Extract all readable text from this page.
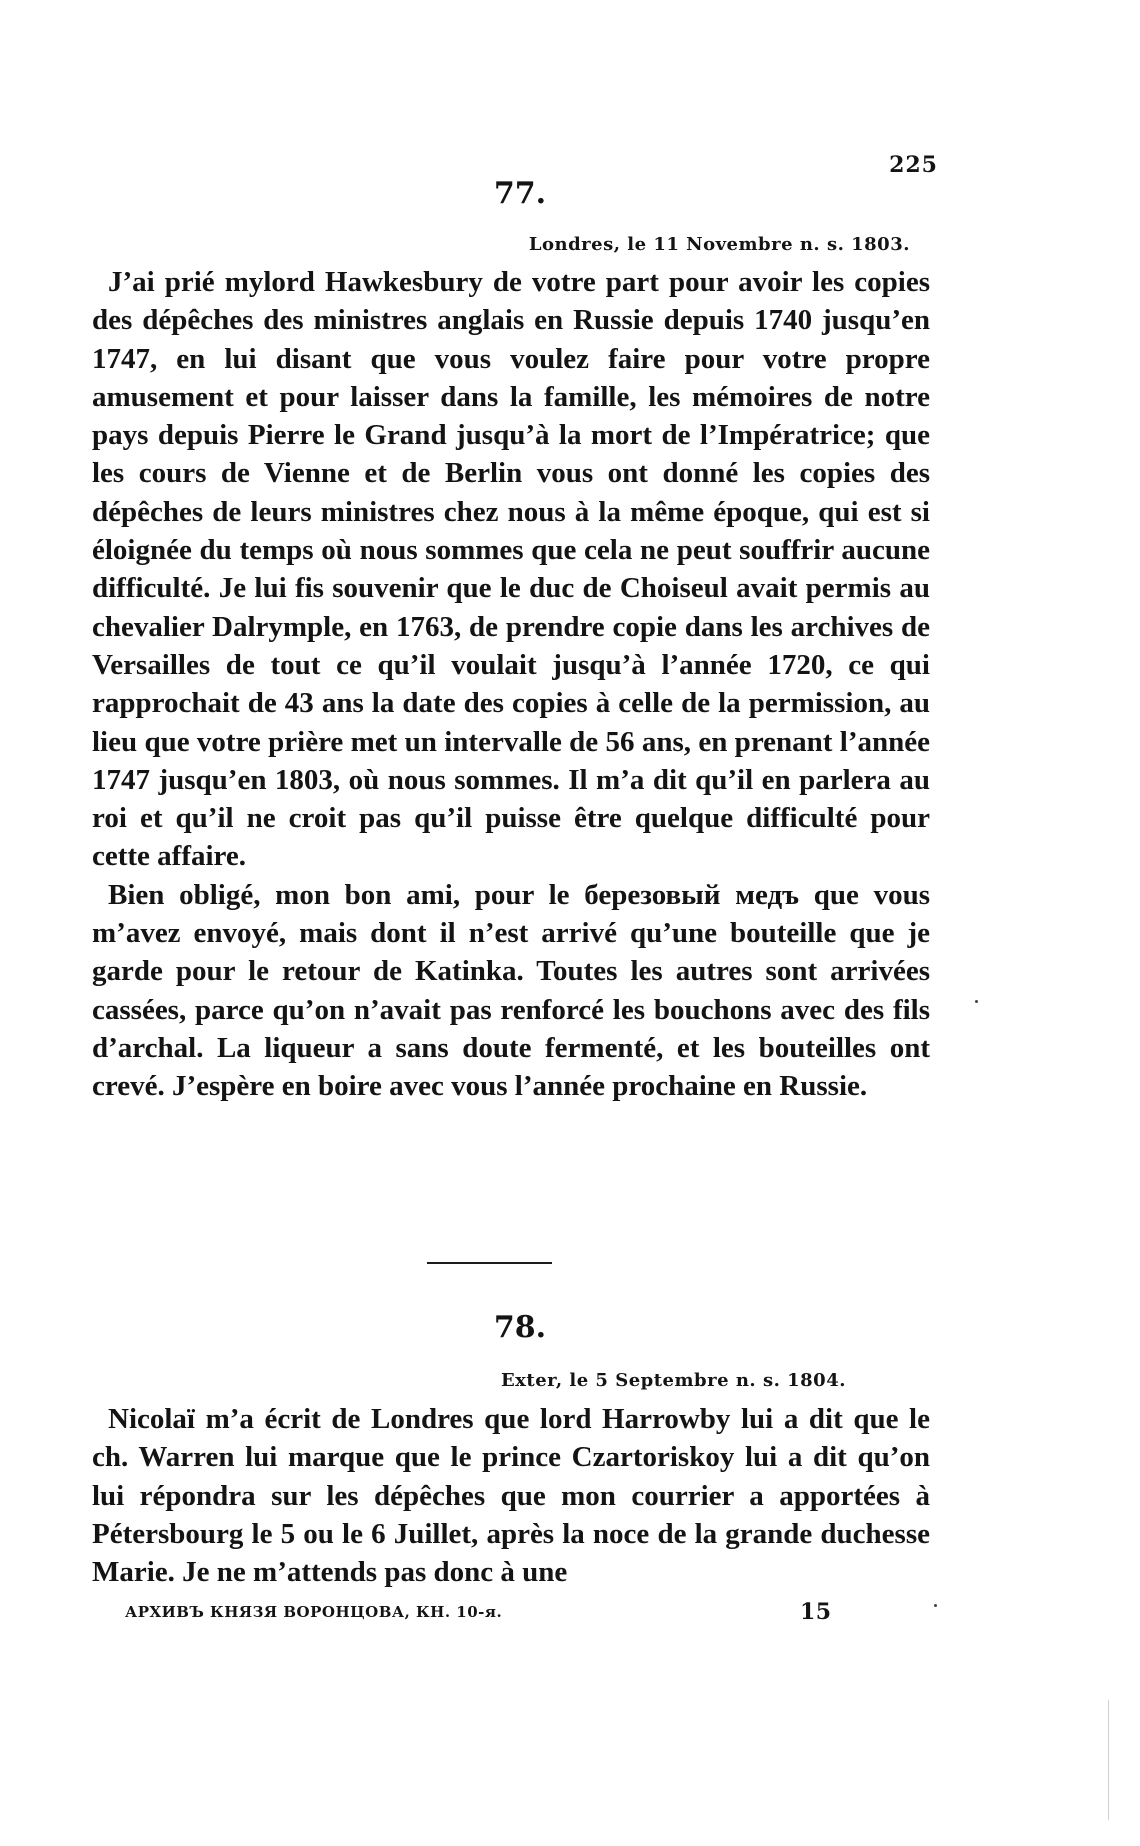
225
77.
Londres, le 11 Novembre n. s. 1803.

J’ai prié mylord Hawkesbury de votre part pour avoir les copies des dépêches des ministres anglais en Russie depuis 1740 jusqu’en 1747, en lui disant que vous voulez faire pour votre propre amusement et pour laisser dans la famille, les mémoires de notre pays depuis Pierre le Grand jusqu’à la mort de l’Impératrice; que les cours de Vienne et de Berlin vous ont donné les copies des dépêches de leurs ministres chez nous à la même époque, qui est si éloignée du temps où nous sommes que cela ne peut souffrir aucune difficulté. Je lui fis souvenir que le duc de Choiseul avait permis au chevalier Dalrymple, en 1763, de prendre copie dans les archives de Versailles de tout ce qu’il voulait jusqu’à l’année 1720, ce qui rapprochait de 43 ans la date des copies à celle de la permission, au lieu que votre prière met un intervalle de 56 ans, en prenant l’année 1747 jusqu’en 1803, où nous sommes. Il m’a dit qu’il en parlera au roi et qu’il ne croit pas qu’il puisse être quelque difficulté pour cette affaire.

Bien obligé, mon bon ami, pour le березовый медъ que vous m’avez envoyé, mais dont il n’est arrivé qu’une bouteille que je garde pour le retour de Katinka. Toutes les autres sont arrivées cassées, parce qu’on n’avait pas renforcé les bouchons avec des fils d’archal. La liqueur a sans doute fermenté, et les bouteilles ont crevé. J’espère en boire avec vous l’année prochaine en Russie.

78.
Exter, le 5 Septembre n. s. 1804.

Nicolaï m’a écrit de Londres que lord Harrowby lui a dit que le ch. Warren lui marque que le prince Czartoriskoy lui a dit qu’on lui répondra sur les dépêches que mon courrier a apportées à Pétersbourg le 5 ou le 6 Juillet, après la noce de la grande duchesse Marie. Je ne m’attends pas donc à une

АРХИВЪ КНЯЗЯ ВОРОНЦОВА, КН. 10-я.	15
